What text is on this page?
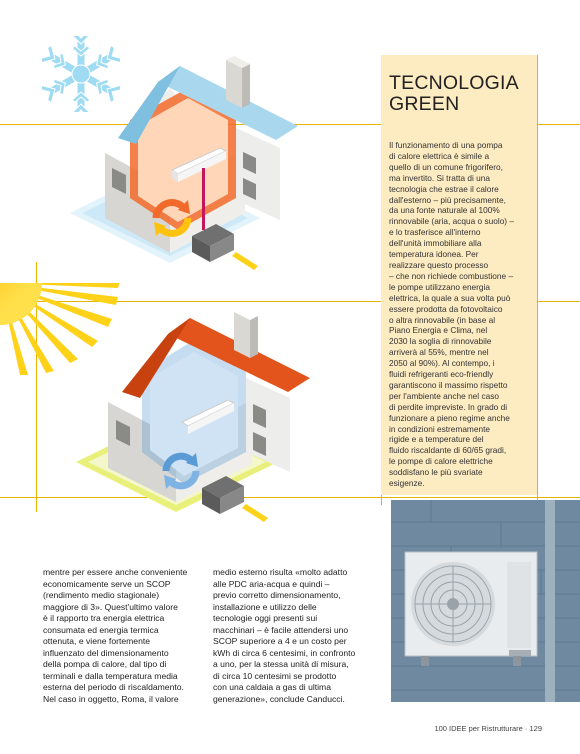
TECNOLOGIA
GREEN
Il funzionamento di una pompa
di calore elettrica è simile a
quello di un comune frigorifero,
ma invertito. Si tratta di una
tecnologia che estrae il calore
dall'esterno – più precisamente,
da una fonte naturale al 100%
rinnovabile (aria, acqua o suolo) –
e lo trasferisce all'interno
dell'unità immobiliare alla
temperatura idonea. Per
realizzare questo processo
– che non richiede combustione –
le pompe utilizzano energia
elettrica, la quale a sua volta può
essere prodotta da fotovoltaico
o altra rinnovabile (in base al
Piano Energia e Clima, nel
2030 la soglia di rinnovabile
arriverà al 55%, mentre nel
2050 al 90%). Al contempo, i
fluidi refrigeranti eco-friendly
garantiscono il massimo rispetto
per l'ambiente anche nel caso
di perdite impreviste. In grado di
funzionare a pieno regime anche
in condizioni estremamente
rigide e a temperature del
fluido riscaldante di 60/65 gradi,
le pompe di calore elettriche
soddisfano le più svariate
esigenze.
mentre per essere anche conveniente
economicamente serve un SCOP
(rendimento medio stagionale)
maggiore di 3». Quest'ultimo valore
è il rapporto tra energia elettrica
consumata ed energia termica
ottenuta, e viene fortemente
influenzato del dimensionamento
della pompa di calore, dal tipo di
terminali e dalla temperatura media
esterna del periodo di riscaldamento.
Nel caso in oggetto, Roma, il valore
medio esterno risulta «molto adatto
alle PDC aria-acqua e quindi –
previo corretto dimensionamento,
installazione e utilizzo delle
tecnologie oggi presenti sui
macchinari – è facile attendersi uno
SCOP superiore a 4 e un costo per
kWh di circa 6 centesimi, in confronto
a uno, per la stessa unità di misura,
di circa 10 centesimi se prodotto
con una caldaia a gas di ultima
generazione», conclude Canducci.
100 IDEE per Ristrutturare · 129
